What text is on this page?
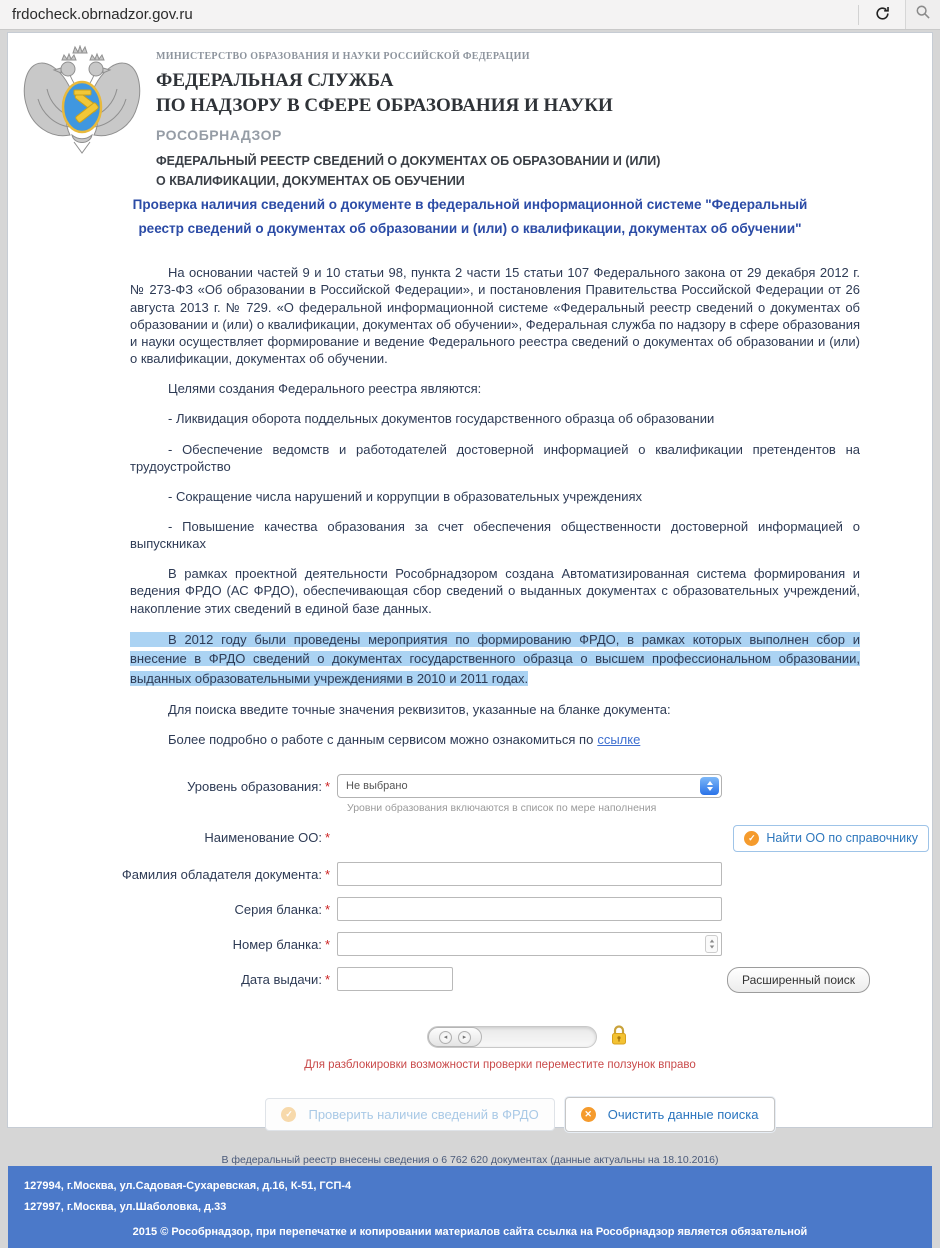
frdocheck.obrnadzor.gov.ru
МИНИСТЕРСТВО ОБРАЗОВАНИЯ И НАУКИ РОССИЙСКОЙ ФЕДЕРАЦИИ
ФЕДЕРАЛЬНАЯ СЛУЖБА
ПО НАДЗОРУ В СФЕРЕ ОБРАЗОВАНИЯ И НАУКИ
РОСОБРНАДЗОР
ФЕДЕРАЛЬНЫЙ РЕЕСТР СВЕДЕНИЙ О ДОКУМЕНТАХ ОБ ОБРАЗОВАНИИ И (ИЛИ)
О КВАЛИФИКАЦИИ, ДОКУМЕНТАХ ОБ ОБУЧЕНИИ
Проверка наличия сведений о документе в федеральной информационной системе "Федеральный реестр сведений о документах об образовании и (или) о квалификации, документах об обучении"

На основании частей 9 и 10 статьи 98, пункта 2 части 15 статьи 107 Федерального закона от 29 декабря 2012 г. № 273-ФЗ «Об образовании в Российской Федерации», и постановления Правительства Российской Федерации от 26 августа 2013 г. № 729. «О федеральной информационной системе «Федеральный реестр сведений о документах об образовании и (или) о квалификации, документах об обучении», Федеральная служба по надзору в сфере образования и науки осуществляет формирование и ведение Федерального реестра сведений о документах об образовании и (или) о квалификации, документах об обучении.

Целями создания Федерального реестра являются:

- Ликвидация оборота поддельных документов государственного образца об образовании

- Обеспечение ведомств и работодателей достоверной информацией о квалификации претендентов на трудоустройство

- Сокращение числа нарушений и коррупции в образовательных учреждениях

- Повышение качества образования за счет обеспечения общественности достоверной информацией о выпускниках

В рамках проектной деятельности Рособрнадзором создана Автоматизированная система формирования и ведения ФРДО (АС ФРДО), обеспечивающая сбор сведений о выданных документах с образовательных учреждений, накопление этих сведений в единой базе данных.

В 2012 году были проведены мероприятия по формированию ФРДО, в рамках которых выполнен сбор и внесение в ФРДО сведений о документах государственного образца о высшем профессиональном образовании, выданных образовательными учреждениями в 2010 и 2011 годах.

Для поиска введите точные значения реквизитов, указанные на бланке документа:

Более подробно о работе с данным сервисом можно ознакомиться по ссылке

Уровень образования: * Не выбрано
Уровни образования включаются в список по мере наполнения
Наименование ОО: *	✓ Найти ОО по справочнику
Фамилия обладателя документа: *
Серия бланка: *
Номер бланка: *
Дата выдачи: *	Расширенный поиск
◂	▸
Для разблокировки возможности проверки переместите ползунок вправо
✓ Проверить наличие сведений в ФРДО	✕ Очистить данные поиска
В федеральный реестр внесены сведения о 6 762 620 документах (данные актуальны на 18.10.2016)
127994, г.Москва, ул.Садовая-Сухаревская, д.16, К-51, ГСП-4
127997, г.Москва, ул.Шаболовка, д.33
2015 © Рособрнадзор, при перепечатке и копировании материалов сайта ссылка на Рособрнадзор является обязательной
